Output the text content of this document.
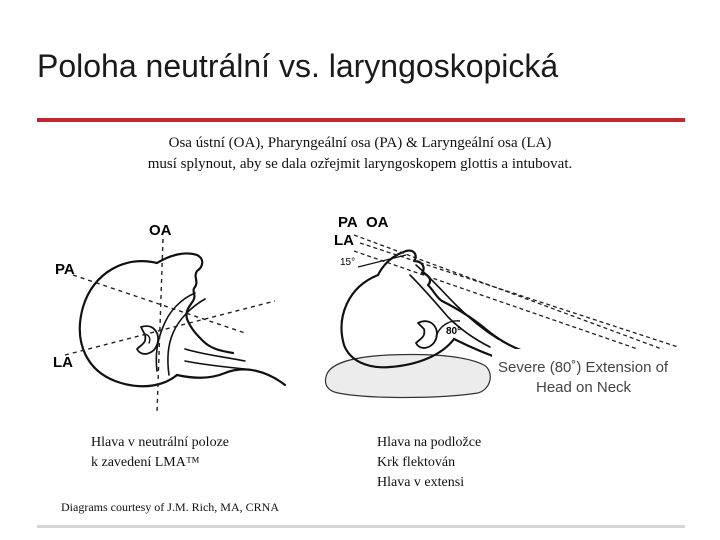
Poloha neutrální vs. laryngoskopická
Osa ústní (OA), Pharyngeální osa (PA) & Laryngeální osa (LA)
musí splynout, aby se dala ozřejmit laryngoskopem glottis a intubovat.
OA
PA
LA
80°
15°
PA OA
LA
Severe (80˚) Extension of
Head on Neck
Hlava v neutrální poloze
k zavedení LMA™
Hlava na podložce
Krk flektován
Hlava v extensi
Diagrams courtesy of J.M. Rich, MA, CRNA
